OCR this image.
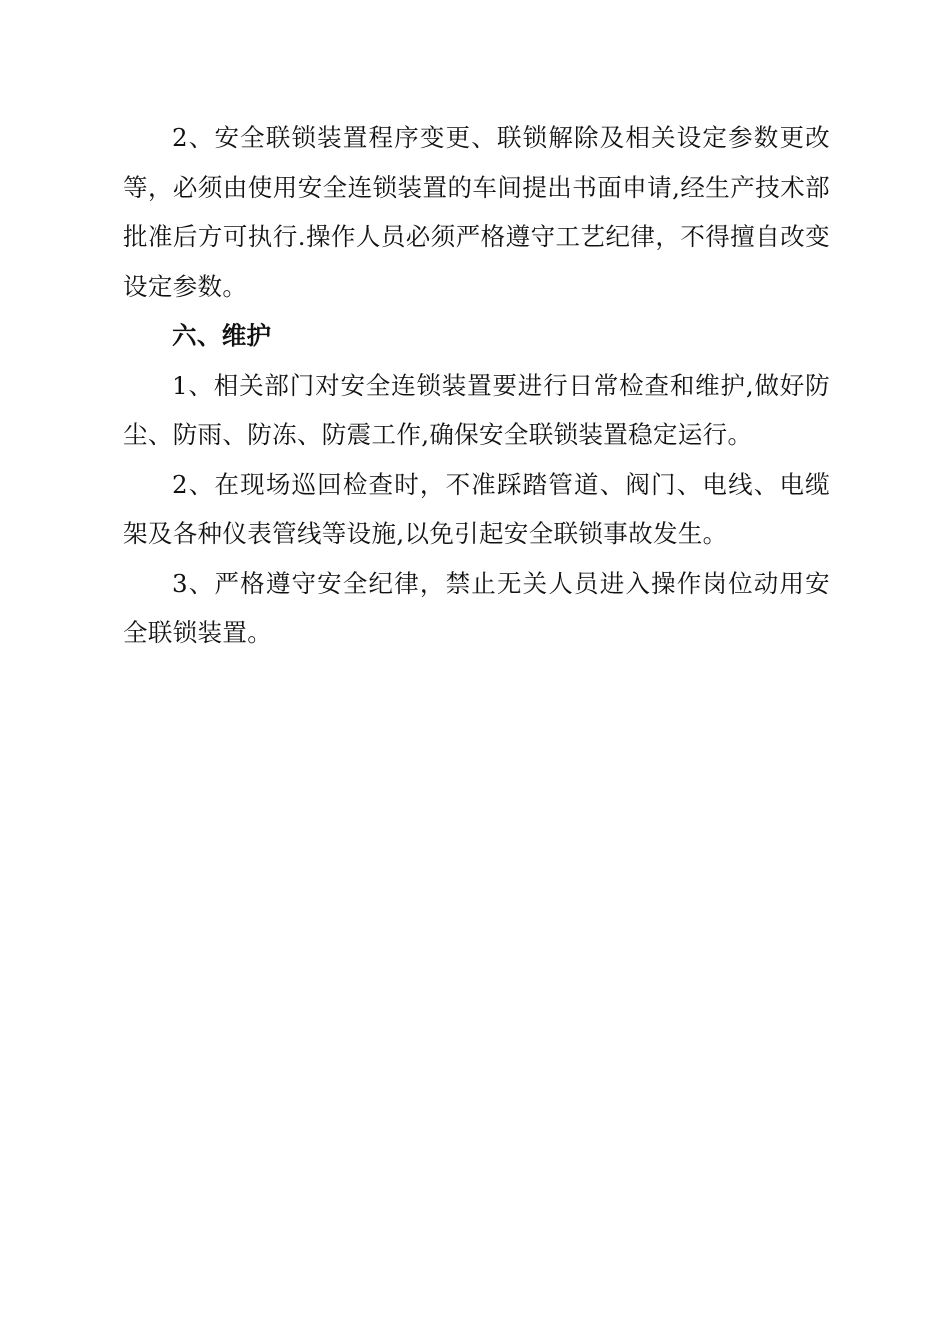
2、安全联锁装置程序变更、联锁解除及相关设定参数更改等，必须由使用安全连锁装置的车间提出书面申请,经生产技术部批准后方可执行.操作人员必须严格遵守工艺纪律，不得擅自改变设定参数。

六、维护

1、相关部门对安全连锁装置要进行日常检查和维护,做好防尘、防雨、防冻、防震工作,确保安全联锁装置稳定运行。

2、在现场巡回检查时，不准踩踏管道、阀门、电线、电缆架及各种仪表管线等设施,以免引起安全联锁事故发生。

3、严格遵守安全纪律，禁止无关人员进入操作岗位动用安全联锁装置。
